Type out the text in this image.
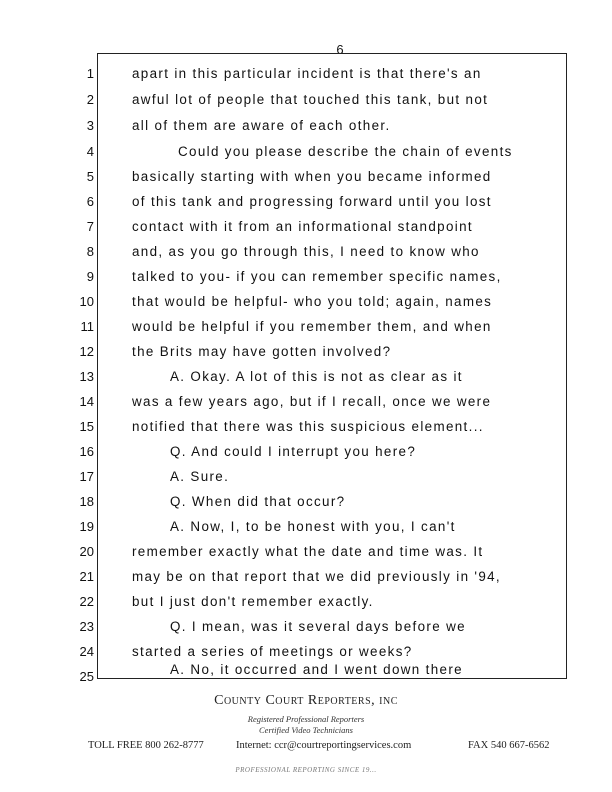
6
1	apart in this particular incident is that there's an
2	awful lot of people that touched this tank, but not
3	all of them are aware of each other.
4	Could you please describe the chain of events
5	basically starting with when you became informed
6	of this tank and progressing forward until you lost
7	contact with it from an informational standpoint
8	and, as you go through this, I need to know who
9	talked to you- if you can remember specific names,
10	that would be helpful- who you told; again, names
11	would be helpful if you remember them, and when
12	the Brits may have gotten involved?
13	A. Okay. A lot of this is not as clear as it
14	was a few years ago, but if I recall, once we were
15	notified that there was this suspicious element...
16	Q. And could I interrupt you here?
17	A. Sure.
18	Q. When did that occur?
19	A. Now, I, to be honest with you, I can't
20	remember exactly what the date and time was. It
21	may be on that report that we did previously in '94,
22	but I just don't remember exactly.
23	Q. I mean, was it several days before we
24	started a series of meetings or weeks?
25	A. No, it occurred and I went down there
County Court Reporters, inc
Registered Professional Reporters
Certified Video Technicians
TOLL FREE 800 262-8777	Internet: ccr@courtreportingservices.com	FAX 540 667-6562
PROFESSIONAL REPORTING SINCE 19...
